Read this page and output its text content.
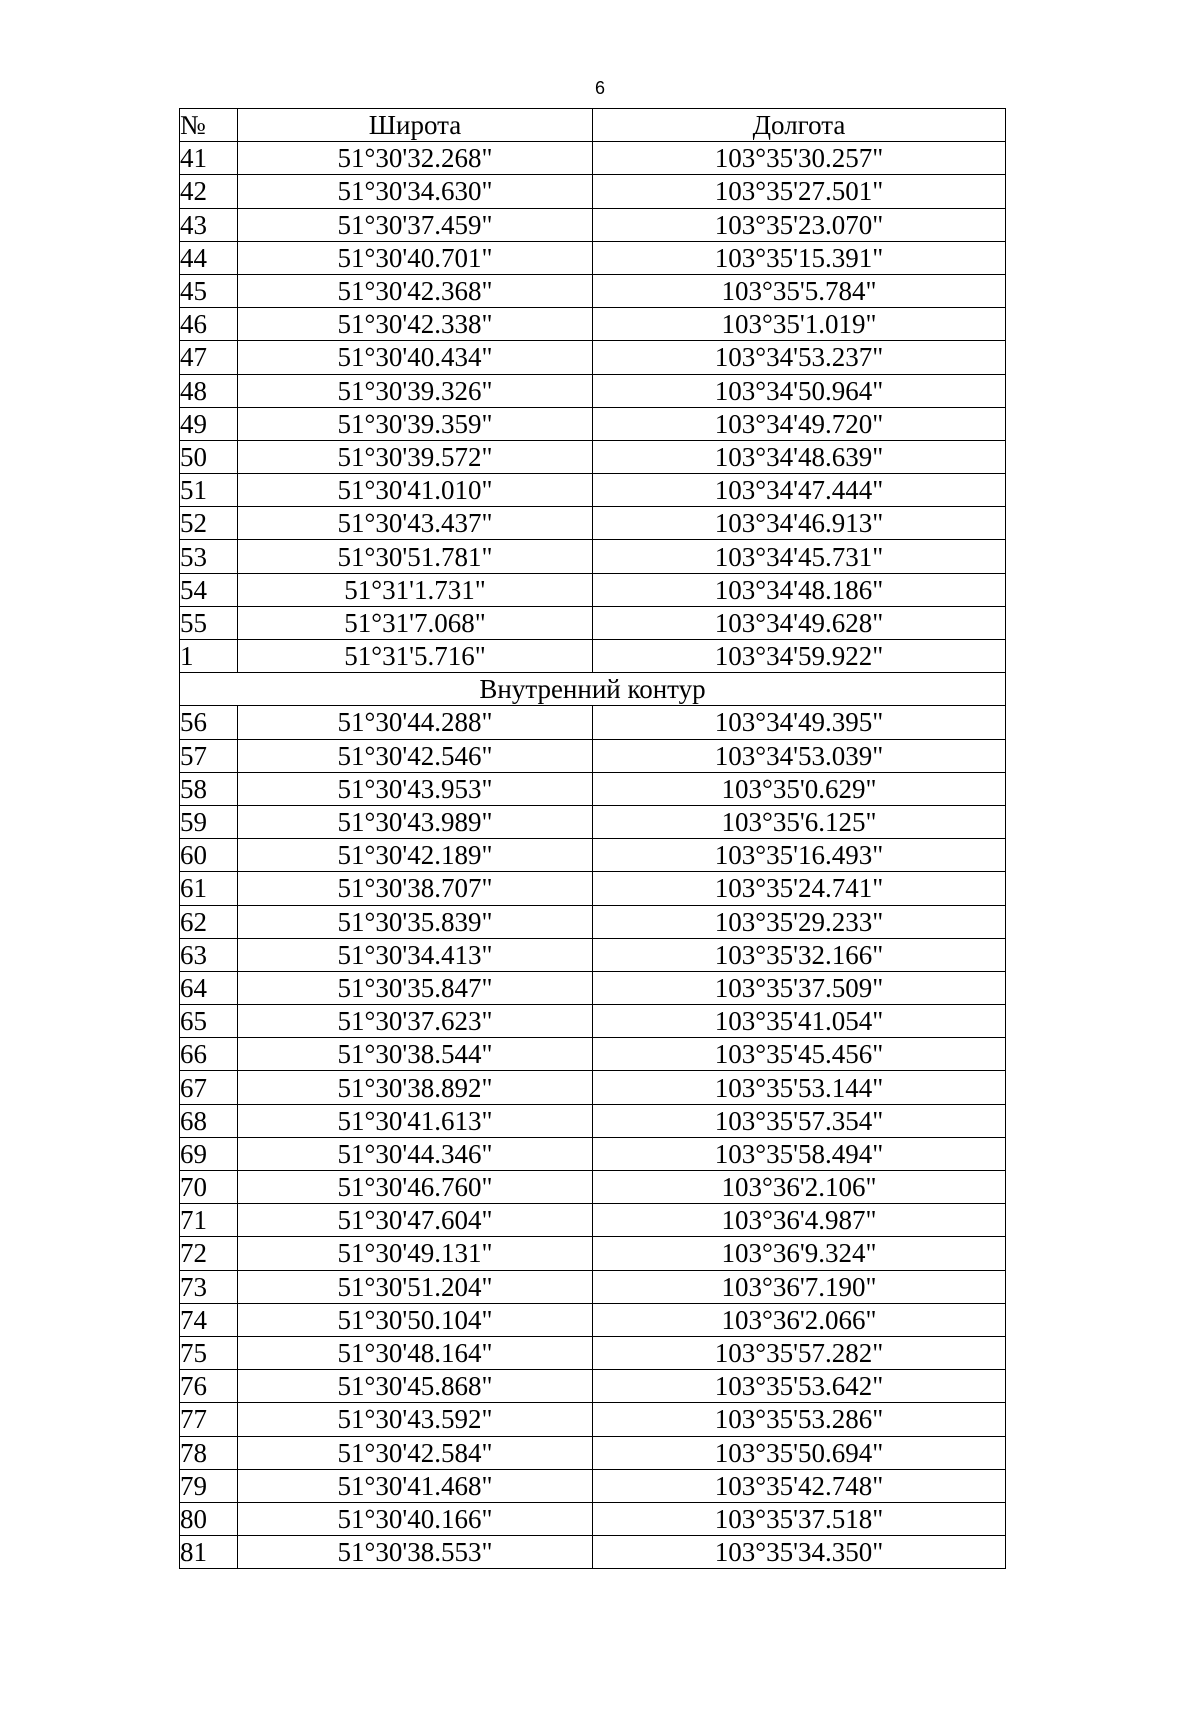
6
№	Широта	Долгота
41	51°30'32.268"	103°35'30.257"
42	51°30'34.630"	103°35'27.501"
43	51°30'37.459"	103°35'23.070"
44	51°30'40.701"	103°35'15.391"
45	51°30'42.368"	103°35'5.784"
46	51°30'42.338"	103°35'1.019"
47	51°30'40.434"	103°34'53.237"
48	51°30'39.326"	103°34'50.964"
49	51°30'39.359"	103°34'49.720"
50	51°30'39.572"	103°34'48.639"
51	51°30'41.010"	103°34'47.444"
52	51°30'43.437"	103°34'46.913"
53	51°30'51.781"	103°34'45.731"
54	51°31'1.731"	103°34'48.186"
55	51°31'7.068"	103°34'49.628"
1	51°31'5.716"	103°34'59.922"
Внутренний контур		
56	51°30'44.288"	103°34'49.395"
57	51°30'42.546"	103°34'53.039"
58	51°30'43.953"	103°35'0.629"
59	51°30'43.989"	103°35'6.125"
60	51°30'42.189"	103°35'16.493"
61	51°30'38.707"	103°35'24.741"
62	51°30'35.839"	103°35'29.233"
63	51°30'34.413"	103°35'32.166"
64	51°30'35.847"	103°35'37.509"
65	51°30'37.623"	103°35'41.054"
66	51°30'38.544"	103°35'45.456"
67	51°30'38.892"	103°35'53.144"
68	51°30'41.613"	103°35'57.354"
69	51°30'44.346"	103°35'58.494"
70	51°30'46.760"	103°36'2.106"
71	51°30'47.604"	103°36'4.987"
72	51°30'49.131"	103°36'9.324"
73	51°30'51.204"	103°36'7.190"
74	51°30'50.104"	103°36'2.066"
75	51°30'48.164"	103°35'57.282"
76	51°30'45.868"	103°35'53.642"
77	51°30'43.592"	103°35'53.286"
78	51°30'42.584"	103°35'50.694"
79	51°30'41.468"	103°35'42.748"
80	51°30'40.166"	103°35'37.518"
81	51°30'38.553"	103°35'34.350"
